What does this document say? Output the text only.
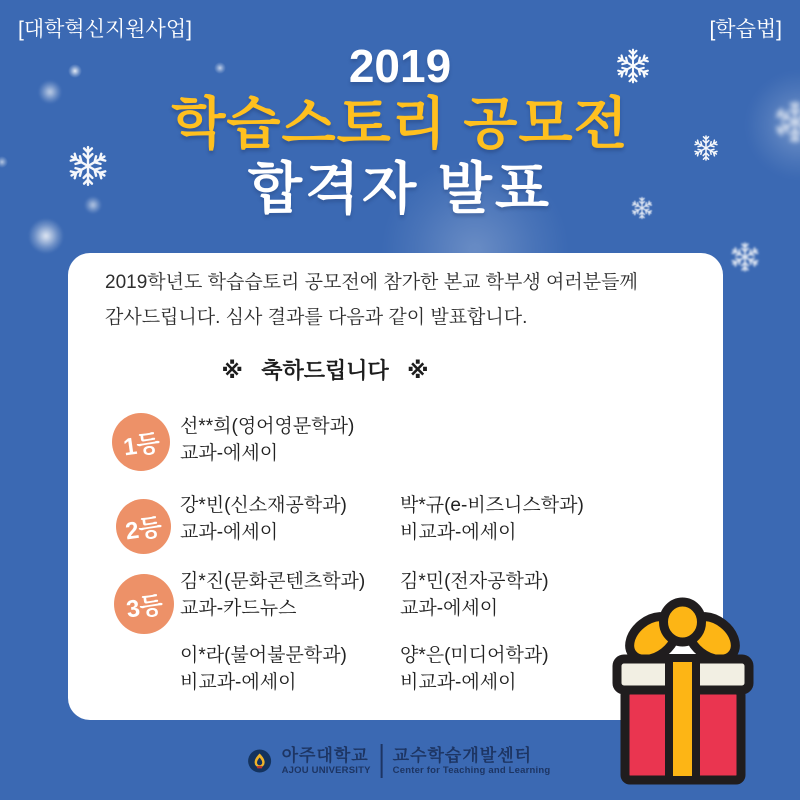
[대학혁신지원사업]	[학습법]
2019
학습스토리 공모전
합격자 발표

2019학년도 학습습토리 공모전에 참가한 본교 학부생 여러분들께
감사드립니다. 심사 결과를 다음과 같이 발표합니다.

※   축하드립니다   ※
1등
2등
3등
선**희(영어영문학과)
교과-에세이
강*빈(신소재공학과)
교과-에세이
박*규(e-비즈니스학과)
비교과-에세이
김*진(문화콘텐츠학과)
교과-카드뉴스
김*민(전자공학과)
교과-에세이
이*라(불어불문학과)
비교과-에세이
양*은(미디어학과)
비교과-에세이
아주대학교
AJOU UNIVERSITY
교수학습개발센터
Center for Teaching and Learning
